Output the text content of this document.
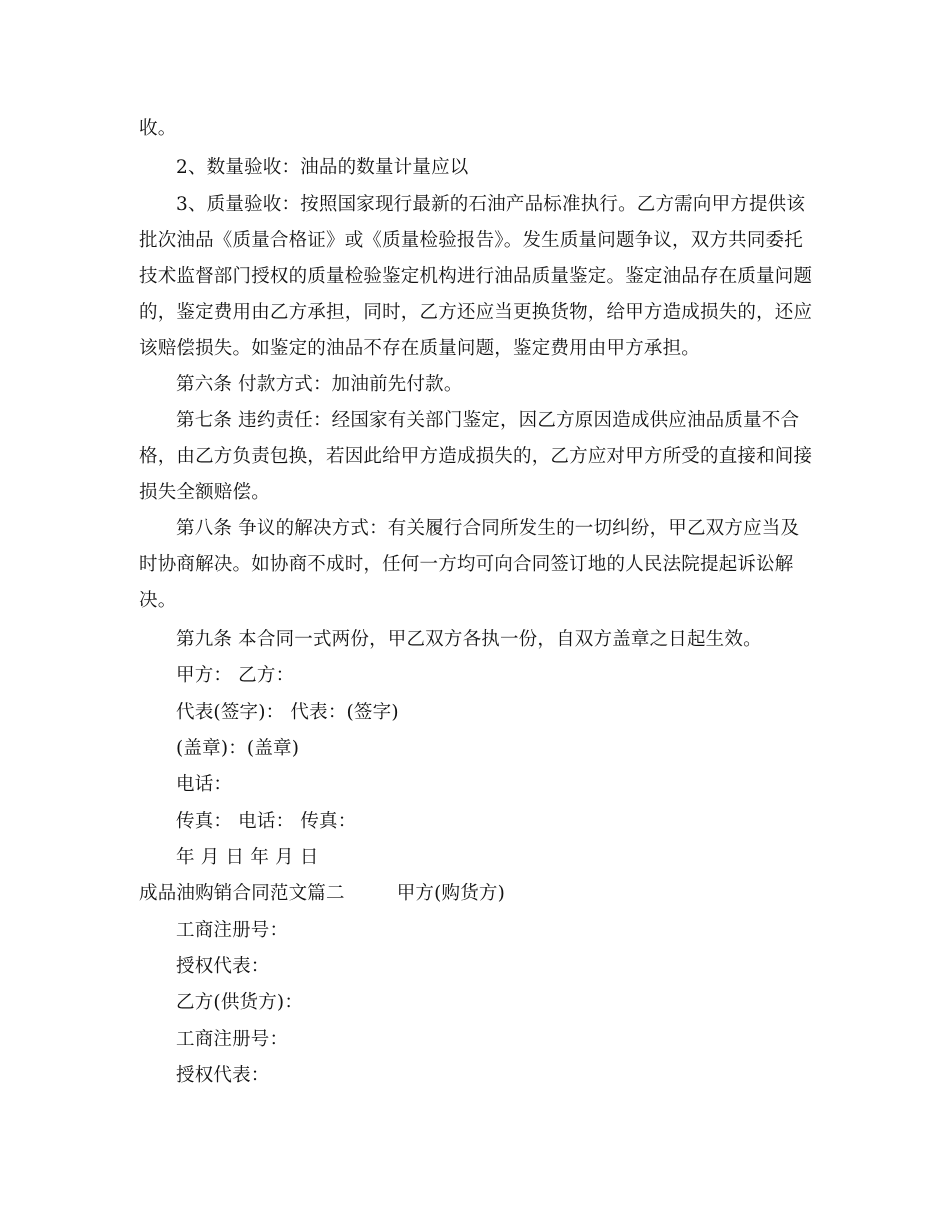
收。
2、数量验收：油品的数量计量应以
3、质量验收：按照国家现行最新的石油产品标准执行。乙方需向甲方提供该
批次油品《质量合格证》或《质量检验报告》。发生质量问题争议，双方共同委托
技术监督部门授权的质量检验鉴定机构进行油品质量鉴定。鉴定油品存在质量问题
的，鉴定费用由乙方承担，同时，乙方还应当更换货物，给甲方造成损失的，还应
该赔偿损失。如鉴定的油品不存在质量问题，鉴定费用由甲方承担。
第六条 付款方式：加油前先付款。
第七条 违约责任：经国家有关部门鉴定，因乙方原因造成供应油品质量不合
格，由乙方负责包换，若因此给甲方造成损失的，乙方应对甲方所受的直接和间接
损失全额赔偿。
第八条 争议的解决方式：有关履行合同所发生的一切纠纷，甲乙双方应当及
时协商解决。如协商不成时，任何一方均可向合同签订地的人民法院提起诉讼解
决。
第九条 本合同一式两份，甲乙双方各执一份，自双方盖章之日起生效。
甲方： 乙方：
代表(签字)： 代表：(签字)
(盖章)：(盖章)
电话：
传真： 电话： 传真：
年 月 日 年 月 日
成品油购销合同范文篇二	甲方(购货方)
工商注册号：
授权代表：
乙方(供货方)：
工商注册号：
授权代表：
